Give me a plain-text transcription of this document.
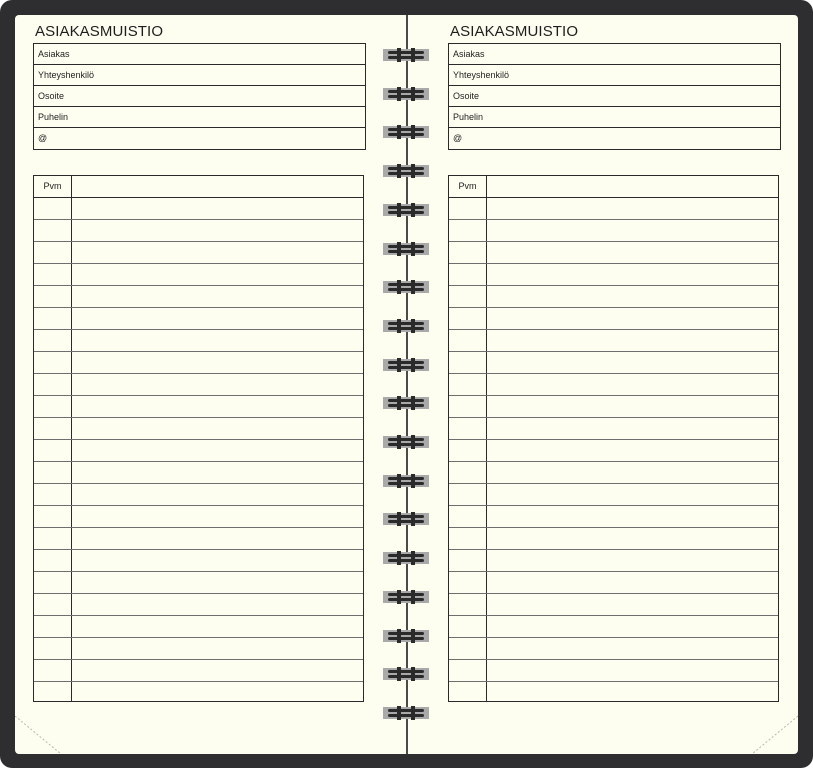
ASIAKASMUISTIO
Asiakas
Yhteyshenkilö
Osoite
Puhelin
@
Pvm
ASIAKASMUISTIO
Asiakas
Yhteyshenkilö
Osoite
Puhelin
@
Pvm
